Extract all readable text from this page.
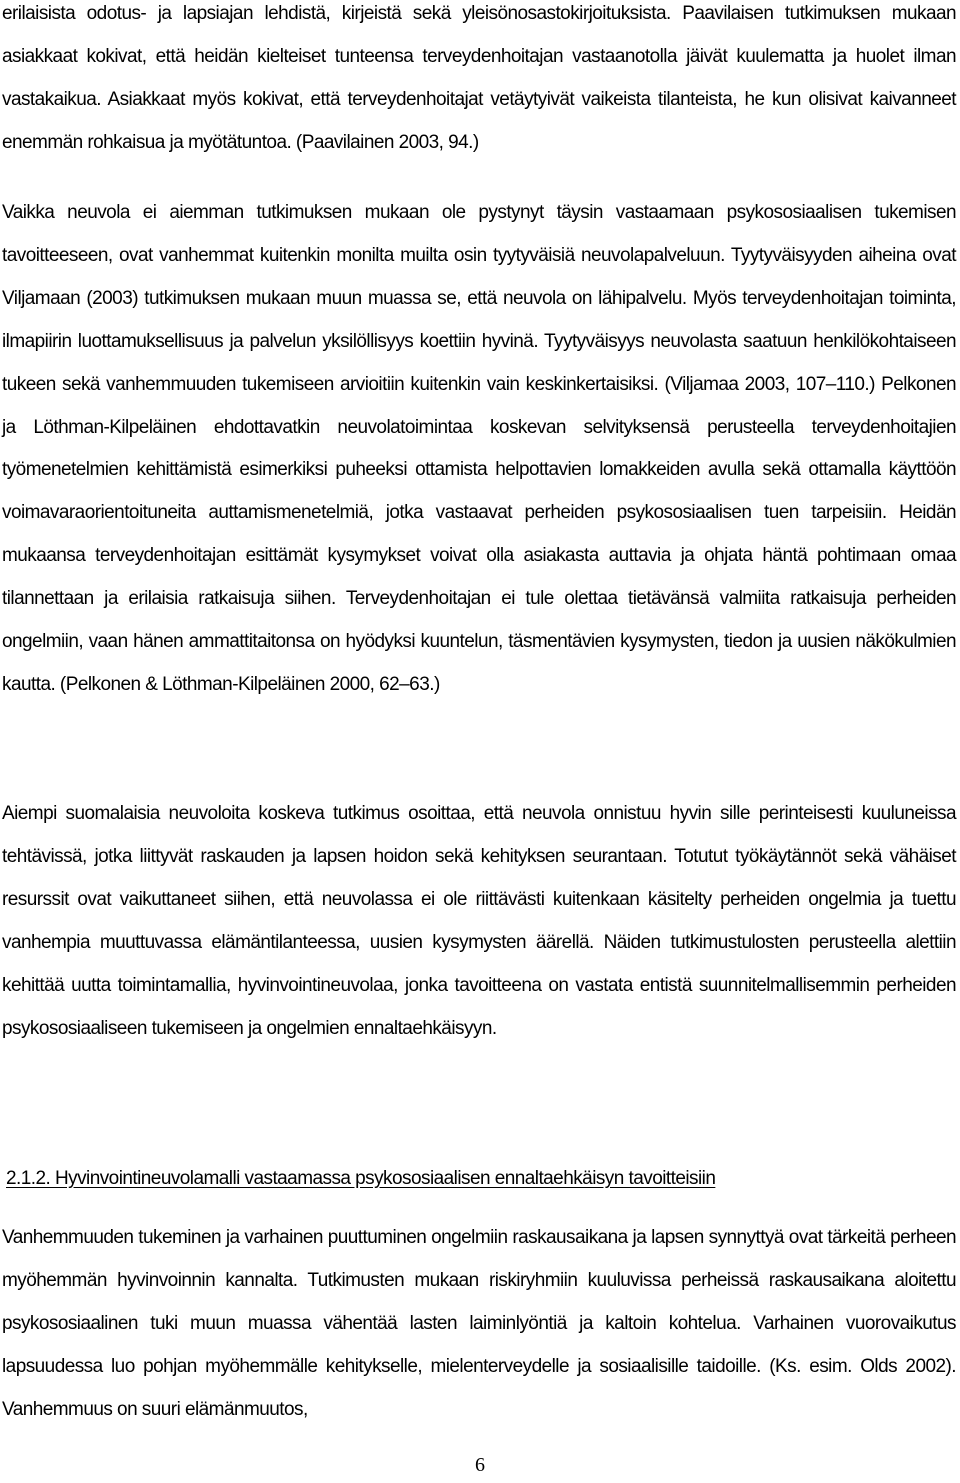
erilaisista odotus- ja lapsiajan lehdistä, kirjeistä sekä yleisönosastokirjoituksista. Paavilaisen tutkimuksen mukaan asiakkaat kokivat, että heidän kielteiset tunteensa terveydenhoitajan vastaanotolla jäivät kuulematta ja huolet ilman vastakaikua. Asiakkaat myös kokivat, että terveydenhoitajat vetäytyivät vaikeista tilanteista, he kun olisivat kaivanneet enemmän rohkaisua ja myötätuntoa. (Paavilainen 2003, 94.)

Vaikka neuvola ei aiemman tutkimuksen mukaan ole pystynyt täysin vastaamaan psykososiaalisen tukemisen tavoitteeseen, ovat vanhemmat kuitenkin monilta muilta osin tyytyväisiä neuvolapalveluun. Tyytyväisyyden aiheina ovat Viljamaan (2003) tutkimuksen mukaan muun muassa se, että neuvola on lähipalvelu. Myös terveydenhoitajan toiminta, ilmapiirin luottamuksellisuus ja palvelun yksilöllisyys koettiin hyvinä. Tyytyväisyys neuvolasta saatuun henkilökohtaiseen tukeen sekä vanhemmuuden tukemiseen arvioitiin kuitenkin vain keskinkertaisiksi. (Viljamaa 2003, 107–110.) Pelkonen ja Löthman-Kilpeläinen ehdottavatkin neuvolatoimintaa koskevan selvityksensä perusteella terveydenhoitajien työmenetelmien kehittämistä esimerkiksi puheeksi ottamista helpottavien lomakkeiden avulla sekä ottamalla käyttöön voimavaraorientoituneita auttamismenetelmiä, jotka vastaavat perheiden psykososiaalisen tuen tarpeisiin. Heidän mukaansa terveydenhoitajan esittämät kysymykset voivat olla asiakasta auttavia ja ohjata häntä pohtimaan omaa tilannettaan ja erilaisia ratkaisuja siihen. Terveydenhoitajan ei tule olettaa tietävänsä valmiita ratkaisuja perheiden ongelmiin, vaan hänen ammattitaitonsa on hyödyksi kuuntelun, täsmentävien kysymysten, tiedon ja uusien näkökulmien kautta. (Pelkonen & Löthman-Kilpeläinen 2000, 62–63.)

Aiempi suomalaisia neuvoloita koskeva tutkimus osoittaa, että neuvola onnistuu hyvin sille perinteisesti kuuluneissa tehtävissä, jotka liittyvät raskauden ja lapsen hoidon sekä kehityksen seurantaan. Totutut työkäytännöt sekä vähäiset resurssit ovat vaikuttaneet siihen, että neuvolassa ei ole riittävästi kuitenkaan käsitelty perheiden ongelmia ja tuettu vanhempia muuttuvassa elämäntilanteessa, uusien kysymysten äärellä. Näiden tutkimustulosten perusteella alettiin kehittää uutta toimintamallia, hyvinvointineuvolaa, jonka tavoitteena on vastata entistä suunnitelmallisemmin perheiden psykososiaaliseen tukemiseen ja ongelmien ennaltaehkäisyyn.

2.1.2. Hyvinvointineuvolamalli vastaamassa psykososiaalisen ennaltaehkäisyn tavoitteisiin

Vanhemmuuden tukeminen ja varhainen puuttuminen ongelmiin raskausaikana ja lapsen synnyttyä ovat tärkeitä perheen myöhemmän hyvinvoinnin kannalta. Tutkimusten mukaan riskiryhmiin kuuluvissa perheissä raskausaikana aloitettu psykososiaalinen tuki muun muassa vähentää lasten laiminlyöntiä ja kaltoin kohtelua. Varhainen vuorovaikutus lapsuudessa luo pohjan myöhemmälle kehitykselle, mielenterveydelle ja sosiaalisille taidoille. (Ks. esim. Olds 2002). Vanhemmuus on suuri elämänmuutos,

6
